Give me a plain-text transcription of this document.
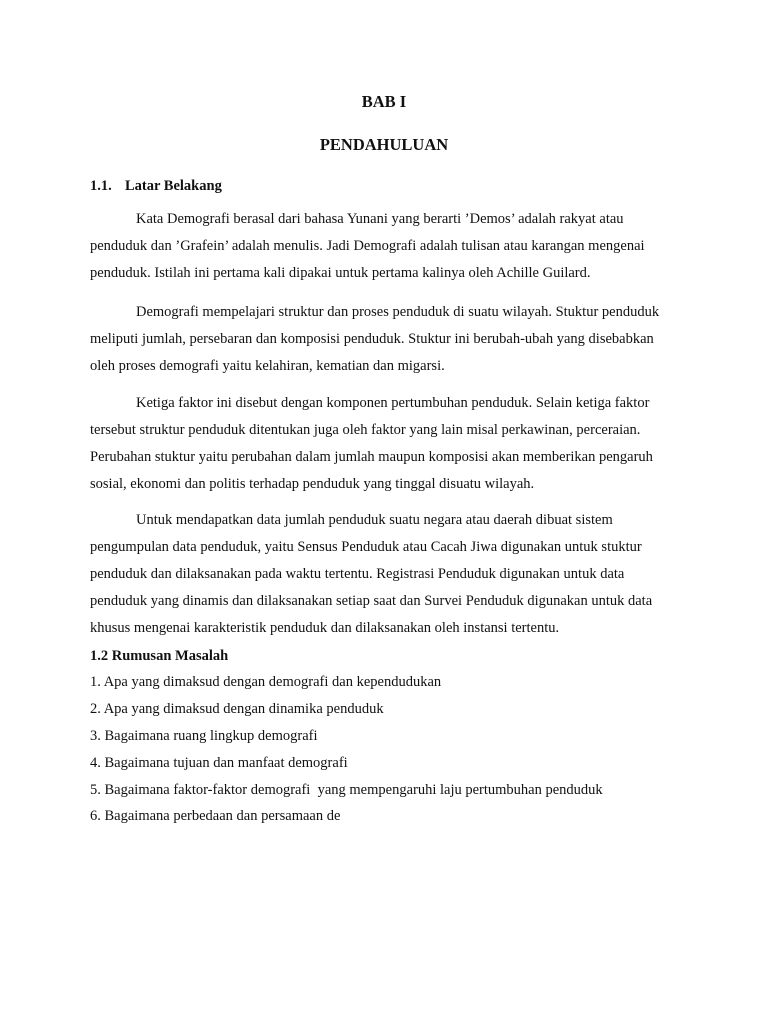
BAB I
PENDAHULUAN
1.1. Latar Belakang

Kata Demografi berasal dari bahasa Yunani yang berarti ’Demos’ adalah rakyat atau penduduk dan ’Grafein’ adalah menulis. Jadi Demografi adalah tulisan atau karangan mengenai penduduk. Istilah ini pertama kali dipakai untuk pertama kalinya oleh Achille Guilard.

Demografi mempelajari struktur dan proses penduduk di suatu wilayah. Stuktur penduduk meliputi jumlah, persebaran dan komposisi penduduk. Stuktur ini berubah-ubah yang disebabkan oleh proses demografi yaitu kelahiran, kematian dan migarsi.

Ketiga faktor ini disebut dengan komponen pertumbuhan penduduk. Selain ketiga faktor tersebut struktur penduduk ditentukan juga oleh faktor yang lain misal perkawinan, perceraian. Perubahan stuktur yaitu perubahan dalam jumlah maupun komposisi akan memberikan pengaruh sosial, ekonomi dan politis terhadap penduduk yang tinggal disuatu wilayah.

Untuk mendapatkan data jumlah penduduk suatu negara atau daerah dibuat sistem pengumpulan data penduduk, yaitu Sensus Penduduk atau Cacah Jiwa digunakan untuk stuktur penduduk dan dilaksanakan pada waktu tertentu. Registrasi Penduduk digunakan untuk data penduduk yang dinamis dan dilaksanakan setiap saat dan Survei Penduduk digunakan untuk data khusus mengenai karakteristik penduduk dan dilaksanakan oleh instansi tertentu.

1.2 Rumusan Masalah
1. Apa yang dimaksud dengan demografi dan kependudukan
2. Apa yang dimaksud dengan dinamika penduduk
3. Bagaimana ruang lingkup demografi
4. Bagaimana tujuan dan manfaat demografi
5. Bagaimana faktor-faktor demografi  yang mempengaruhi laju pertumbuhan penduduk
6. Bagaimana perbedaan dan persamaan de
